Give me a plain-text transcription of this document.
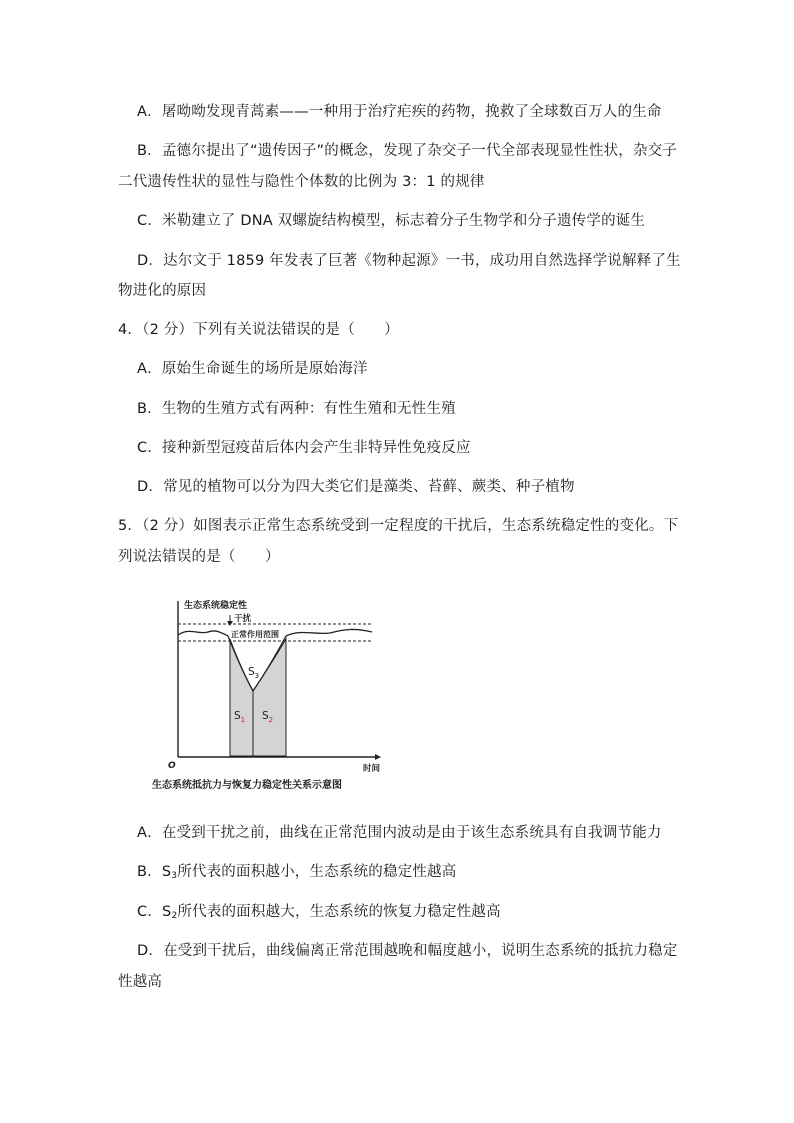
A．屠呦呦发现青蒿素——一种用于治疗疟疾的药物，挽救了全球数百万人的生命
B．孟德尔提出了“遗传因子”的概念，发现了杂交子一代全部表现显性性状，杂交子
二代遗传性状的显性与隐性个体数的比例为 3：1 的规律
C．米勒建立了 DNA 双螺旋结构模型，标志着分子生物学和分子遗传学的诞生
D．达尔文于 1859 年发表了巨著《物种起源》一书，成功用自然选择学说解释了生
物进化的原因
4．（2 分）下列有关说法错误的是（　　）
A．原始生命诞生的场所是原始海洋
B．生物的生殖方式有两种：有性生殖和无性生殖
C．接种新型冠疫苗后体内会产生非特异性免疫反应
D．常见的植物可以分为四大类它们是藻类、苔藓、蕨类、种子植物
5．（2 分）如图表示正常生态系统受到一定程度的干扰后，生态系统稳定性的变化。下
列说法错误的是（　　）
生态系统稳定性
干扰
正常作用范围
$S_3$
$S_1$ $S_2$
O	时间
生态系统抵抗力与恢复力稳定性关系示意图
A．在受到干扰之前，曲线在正常范围内波动是由于该生态系统具有自我调节能力
B．$S_3$所代表的面积越小，生态系统的稳定性越高
C．$S_2$所代表的面积越大，生态系统的恢复力稳定性越高
D．在受到干扰后，曲线偏离正常范围越晚和幅度越小，说明生态系统的抵抗力稳定
性越高
